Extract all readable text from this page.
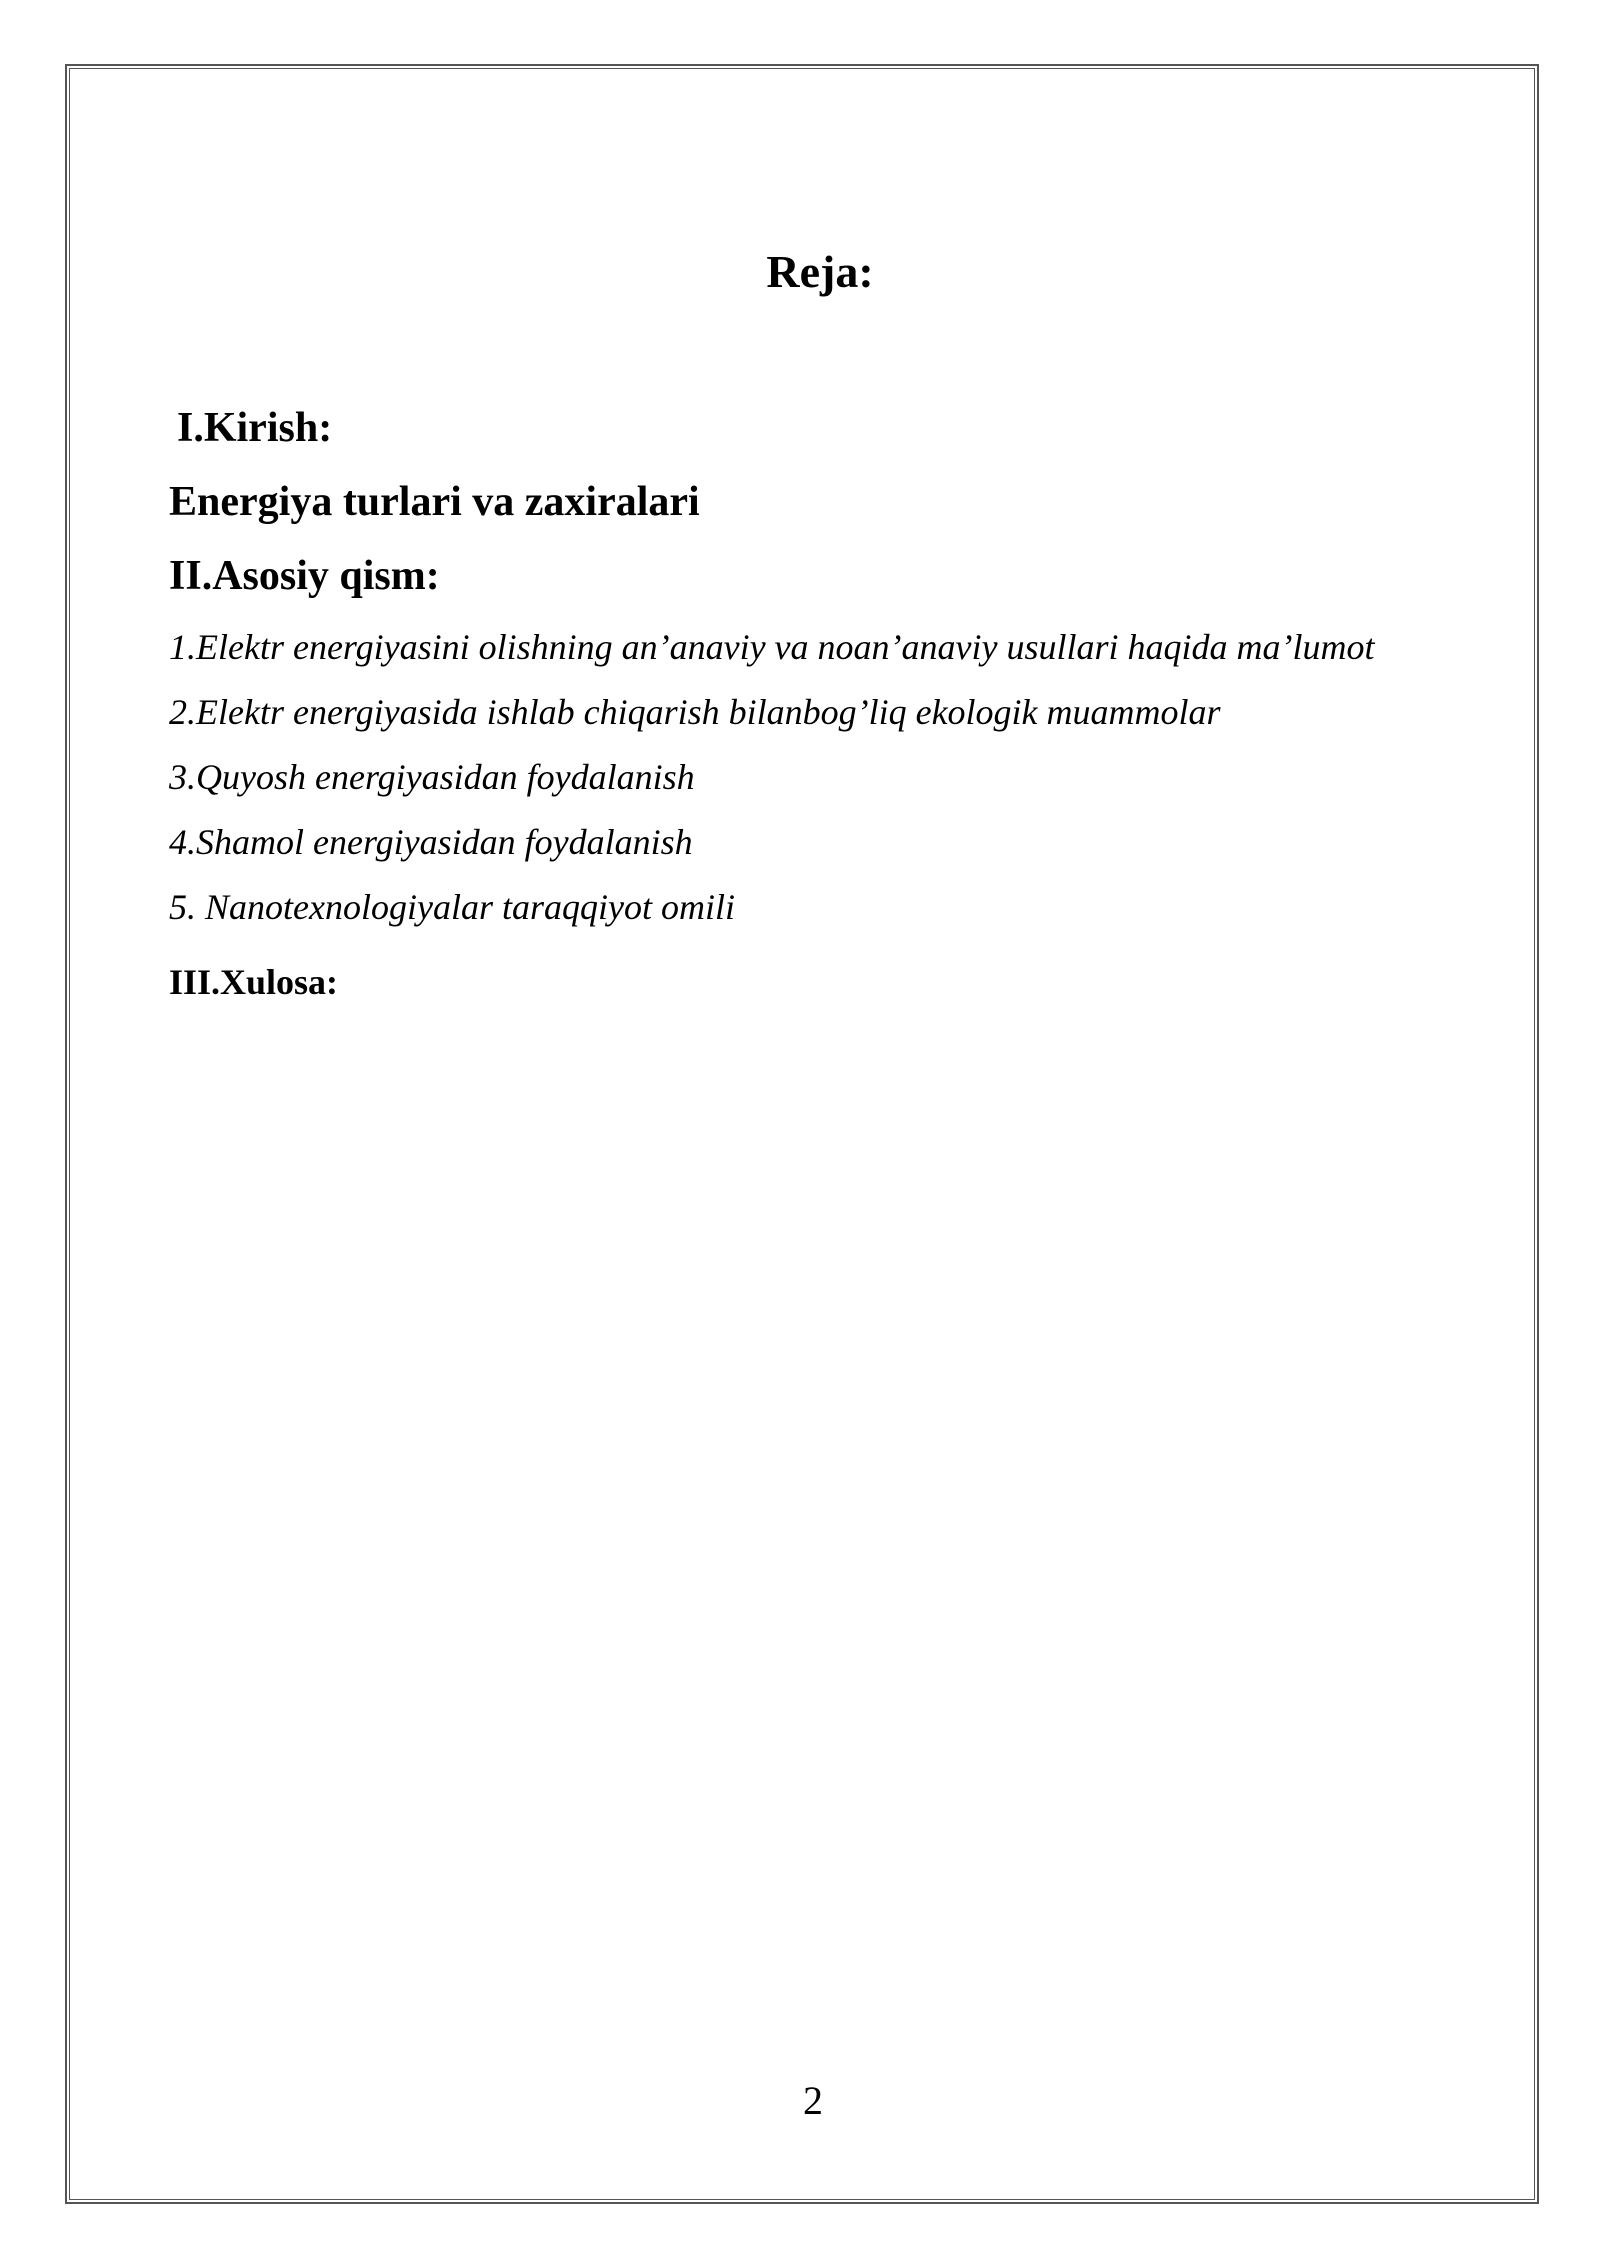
Reja:
I.Kirish:
Energiya turlari va zaxiralari
II.Asosiy qism:
1.Elektr energiyasini olishning an’anaviy va noan’anaviy usullari haqida ma’lumot
2.Elektr energiyasida ishlab chiqarish bilanbog’liq ekologik muammolar
3.Quyosh energiyasidan foydalanish
4.Shamol energiyasidan foydalanish
5. Nanotexnologiyalar taraqqiyot omili
III.Xulosa:
2
